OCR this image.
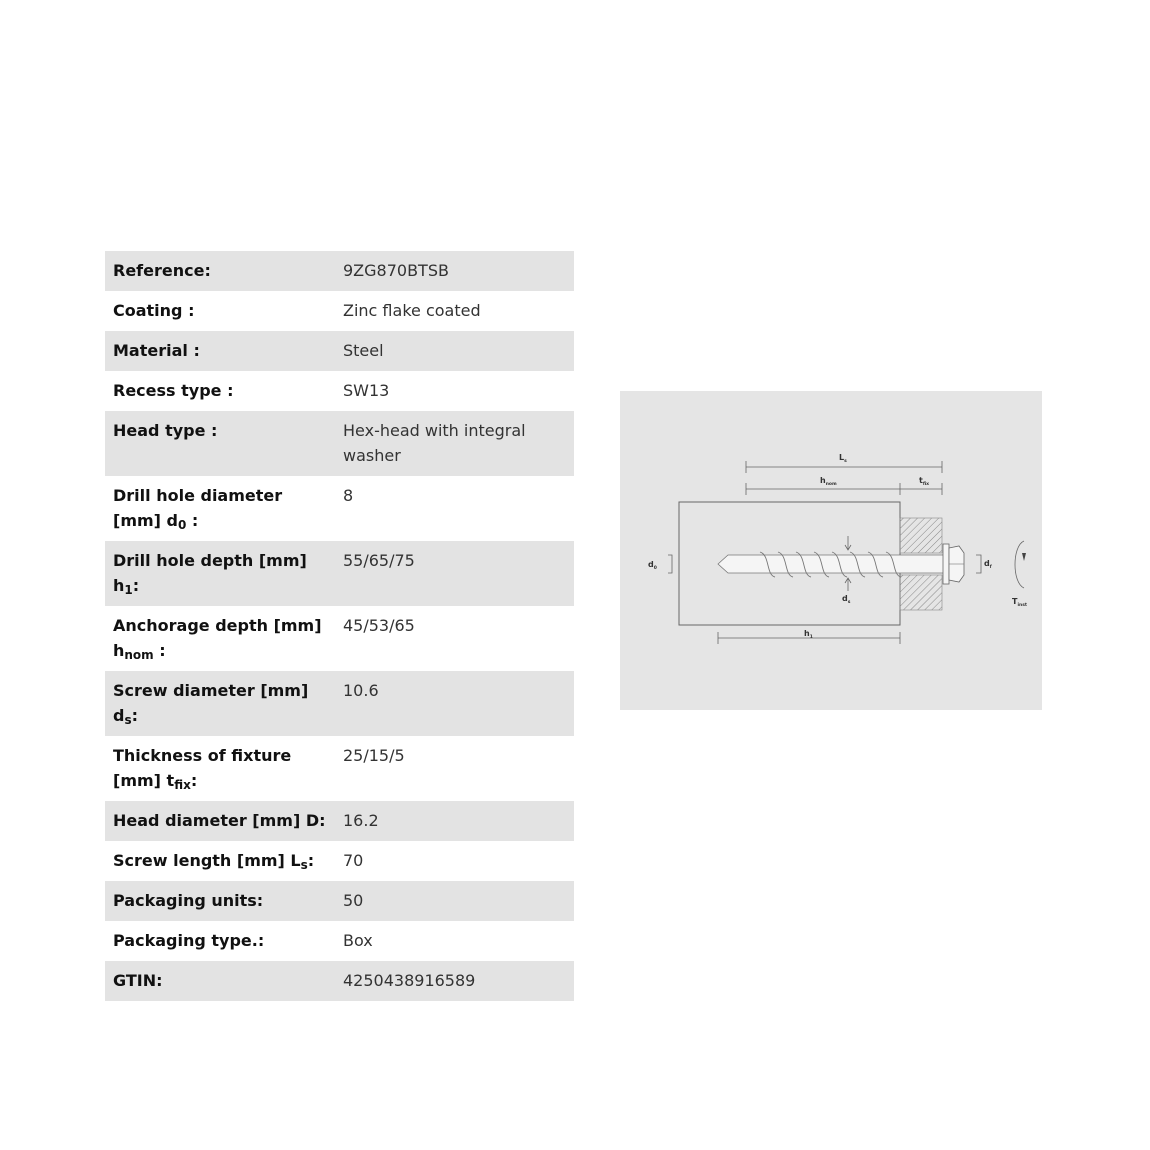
Reference:	9ZG870BTSB
Coating :	Zinc flake coated
Material :	Steel
Recess type :	SW13
Head type :	Hex-head with integral washer
Drill hole diameter [mm] $d_0$ :	8
Drill hole depth [mm] $h_1$:	55/65/75
Anchorage depth [mm] $h_{nom}$ :	45/53/65
Screw diameter [mm] $d_s$:	10.6
Thickness of fixture [mm] $t_{fix}$:	25/15/5
Head diameter [mm] D:	16.2
Screw length [mm] $L_s$:	70
Packaging units:	50
Packaging type.:	Box
GTIN:	4250438916589
$L_s$
$h_{nom}$	$t_{fix}$
$d_0$
$d_f$
$d_s$
$h_1$
$T_{inst}$
